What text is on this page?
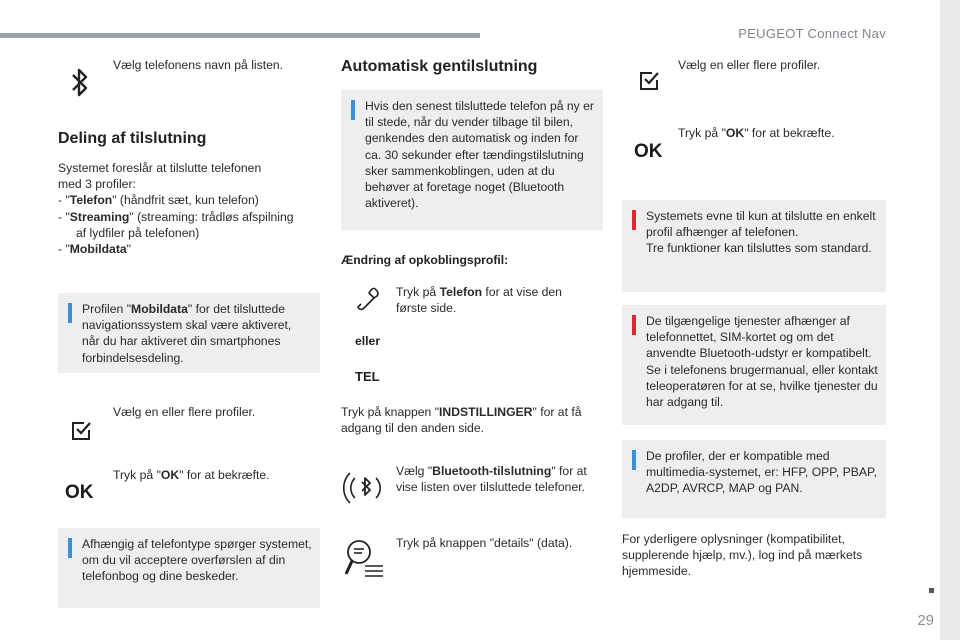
PEUGEOT Connect Nav
29
Vælg telefonens navn på listen.
Deling af tilslutning
Systemet foreslår at tilslutte telefonen
med 3 profiler:
- "Telefon" (håndfrit sæt, kun telefon)
- "Streaming" (streaming: trådløs afspilning
af lydfiler på telefonen)
- "Mobildata"
Profilen "Mobildata" for det tilsluttede navigationssystem skal være aktiveret, når du har aktiveret din smartphones forbindelsesdeling.
Vælg en eller flere profiler.
OK
Tryk på "OK" for at bekræfte.
Afhængig af telefontype spørger systemet, om du vil acceptere overførslen af din telefonbog og dine beskeder.
Automatisk gentilslutning
Hvis den senest tilsluttede telefon på ny er til stede, når du vender tilbage til bilen, genkendes den automatisk og inden for ca. 30 sekunder efter tændingstilslutning sker sammenkoblingen, uden at du behøver at foretage noget (Bluetooth aktiveret).
Ændring af opkoblingsprofil:
Tryk på Telefon for at vise den første side.
eller
TEL
Tryk på knappen "INDSTILLINGER" for at få adgang til den anden side.
Vælg "Bluetooth-tilslutning" for at vise listen over tilsluttede telefoner.
Tryk på knappen "details" (data).
Vælg en eller flere profiler.
OK
Tryk på "OK" for at bekræfte.
Systemets evne til kun at tilslutte en enkelt profil afhænger af telefonen.
Tre funktioner kan tilsluttes som standard.
De tilgængelige tjenester afhænger af telefonnettet, SIM-kortet og om det anvendte Bluetooth-udstyr er kompatibelt. Se i telefonens brugermanual, eller kontakt teleoperatøren for at se, hvilke tjenester du har adgang til.
De profiler, der er kompatible med multimedia-systemet, er: HFP, OPP, PBAP, A2DP, AVRCP, MAP og PAN.
For yderligere oplysninger (kompatibilitet, supplerende hjælp, mv.), log ind på mærkets hjemmeside.
